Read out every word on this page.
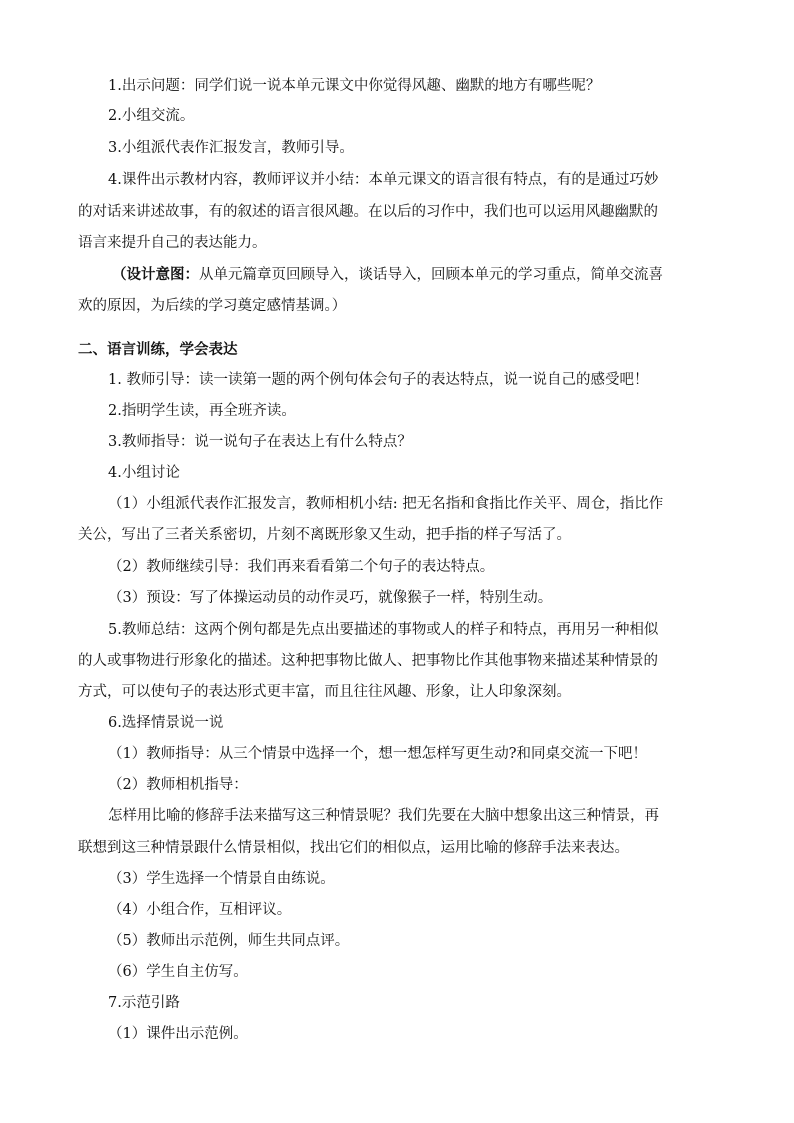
1.出示问题：同学们说一说本单元课文中你觉得风趣、幽默的地方有哪些呢？
2.小组交流。
3.小组派代表作汇报发言，教师引导。
4.课件出示教材内容，教师评议并小结：本单元课文的语言很有特点，有的是通过巧妙
的对话来讲述故事，有的叙述的语言很风趣。在以后的习作中，我们也可以运用风趣幽默的
语言来提升自己的表达能力。
（设计意图：从单元篇章页回顾导入，谈话导入，回顾本单元的学习重点，简单交流喜
欢的原因，为后续的学习奠定感情基调。）
二、语言训练，学会表达
1. 教师引导：读一读第一题的两个例句体会句子的表达特点，说一说自己的感受吧！
2.指明学生读，再全班齐读。
3.教师指导：说一说句子在表达上有什么特点？
4.小组讨论
（1）小组派代表作汇报发言，教师相机小结: 把无名指和食指比作关平、周仓，指比作
关公，写出了三者关系密切，片刻不离既形象又生动，把手指的样子写活了。
（2）教师继续引导：我们再来看看第二个句子的表达特点。
（3）预设：写了体操运动员的动作灵巧，就像猴子一样，特别生动。
5.教师总结：这两个例句都是先点出要描述的事物或人的样子和特点，再用另一种相似
的人或事物进行形象化的描述。这种把事物比做人、把事物比作其他事物来描述某种情景的
方式，可以使句子的表达形式更丰富，而且往往风趣、形象，让人印象深刻。
6.选择情景说一说
（1）教师指导：从三个情景中选择一个，想一想怎样写更生动?和同桌交流一下吧！
（2）教师相机指导：
怎样用比喻的修辞手法来描写这三种情景呢？我们先要在大脑中想象出这三种情景，再
联想到这三种情景跟什么情景相似，找出它们的相似点，运用比喻的修辞手法来表达。
（3）学生选择一个情景自由练说。
（4）小组合作，互相评议。
（5）教师出示范例，师生共同点评。
（6）学生自主仿写。
7.示范引路
（1）课件出示范例。
